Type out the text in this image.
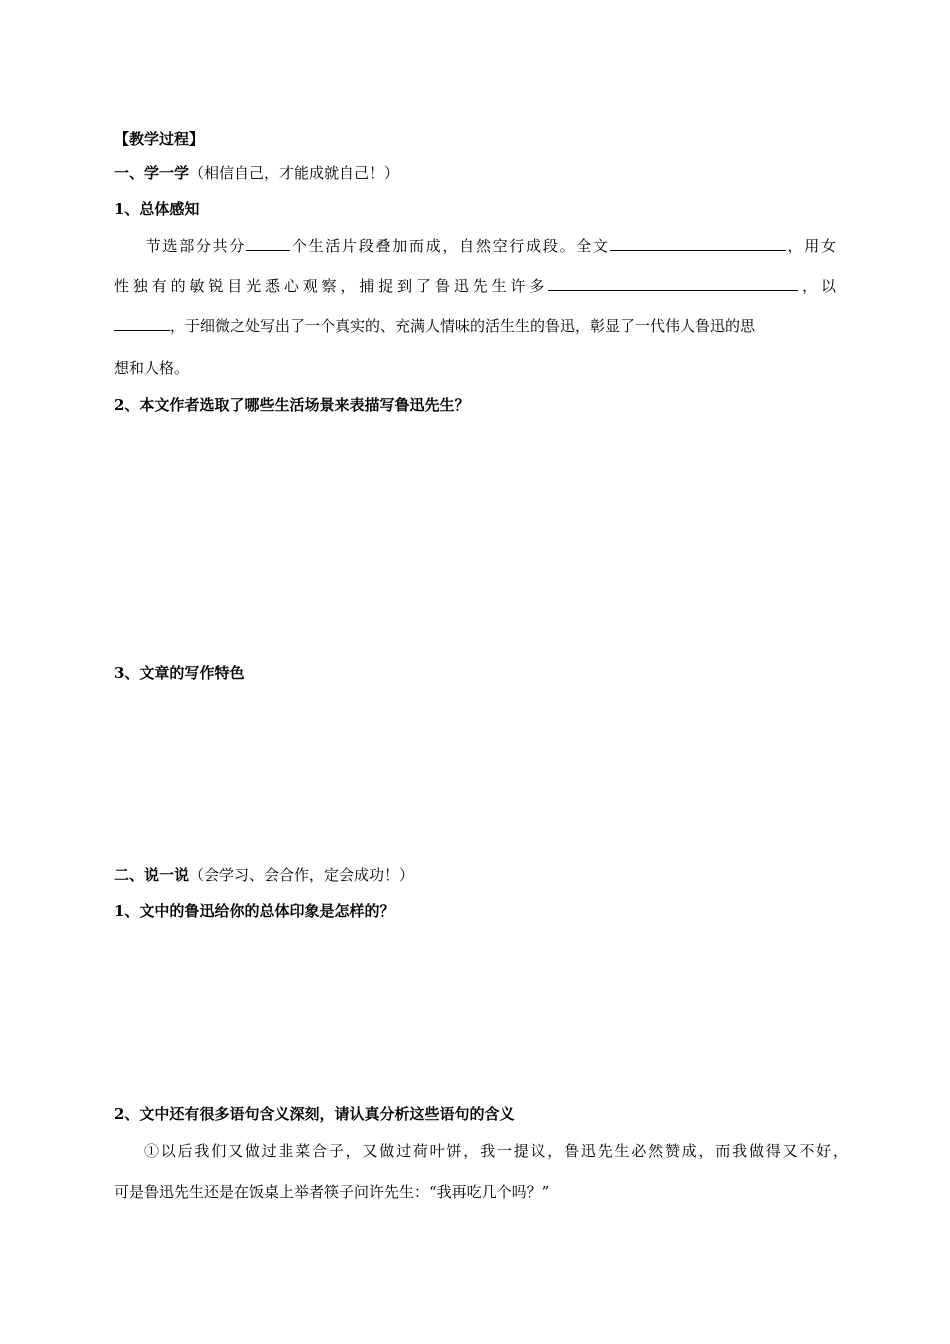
【教学过程】
一、学一学（相信自己，才能成就自己！）
1、总体感知
节选部分共分	个生活片段叠加而成，自然空行成段。全文	，用女
性独有的敏锐目光悉心观察，捕捉到了鲁迅先生许多	，以
，于细微之处写出了一个真实的、充满人情味的活生生的鲁迅，彰显了一代伟人鲁迅的思
想和人格。
2、本文作者选取了哪些生活场景来表描写鲁迅先生？
3、文章的写作特色
二、说一说（会学习、会合作，定会成功！）
1、文中的鲁迅给你的总体印象是怎样的？
2、文中还有很多语句含义深刻，请认真分析这些语句的含义
①以后我们又做过韭菜合子，又做过荷叶饼，我一提议，鲁迅先生必然赞成，而我做得又不好，
可是鲁迅先生还是在饭桌上举者筷子问许先生：“我再吃几个吗？”
